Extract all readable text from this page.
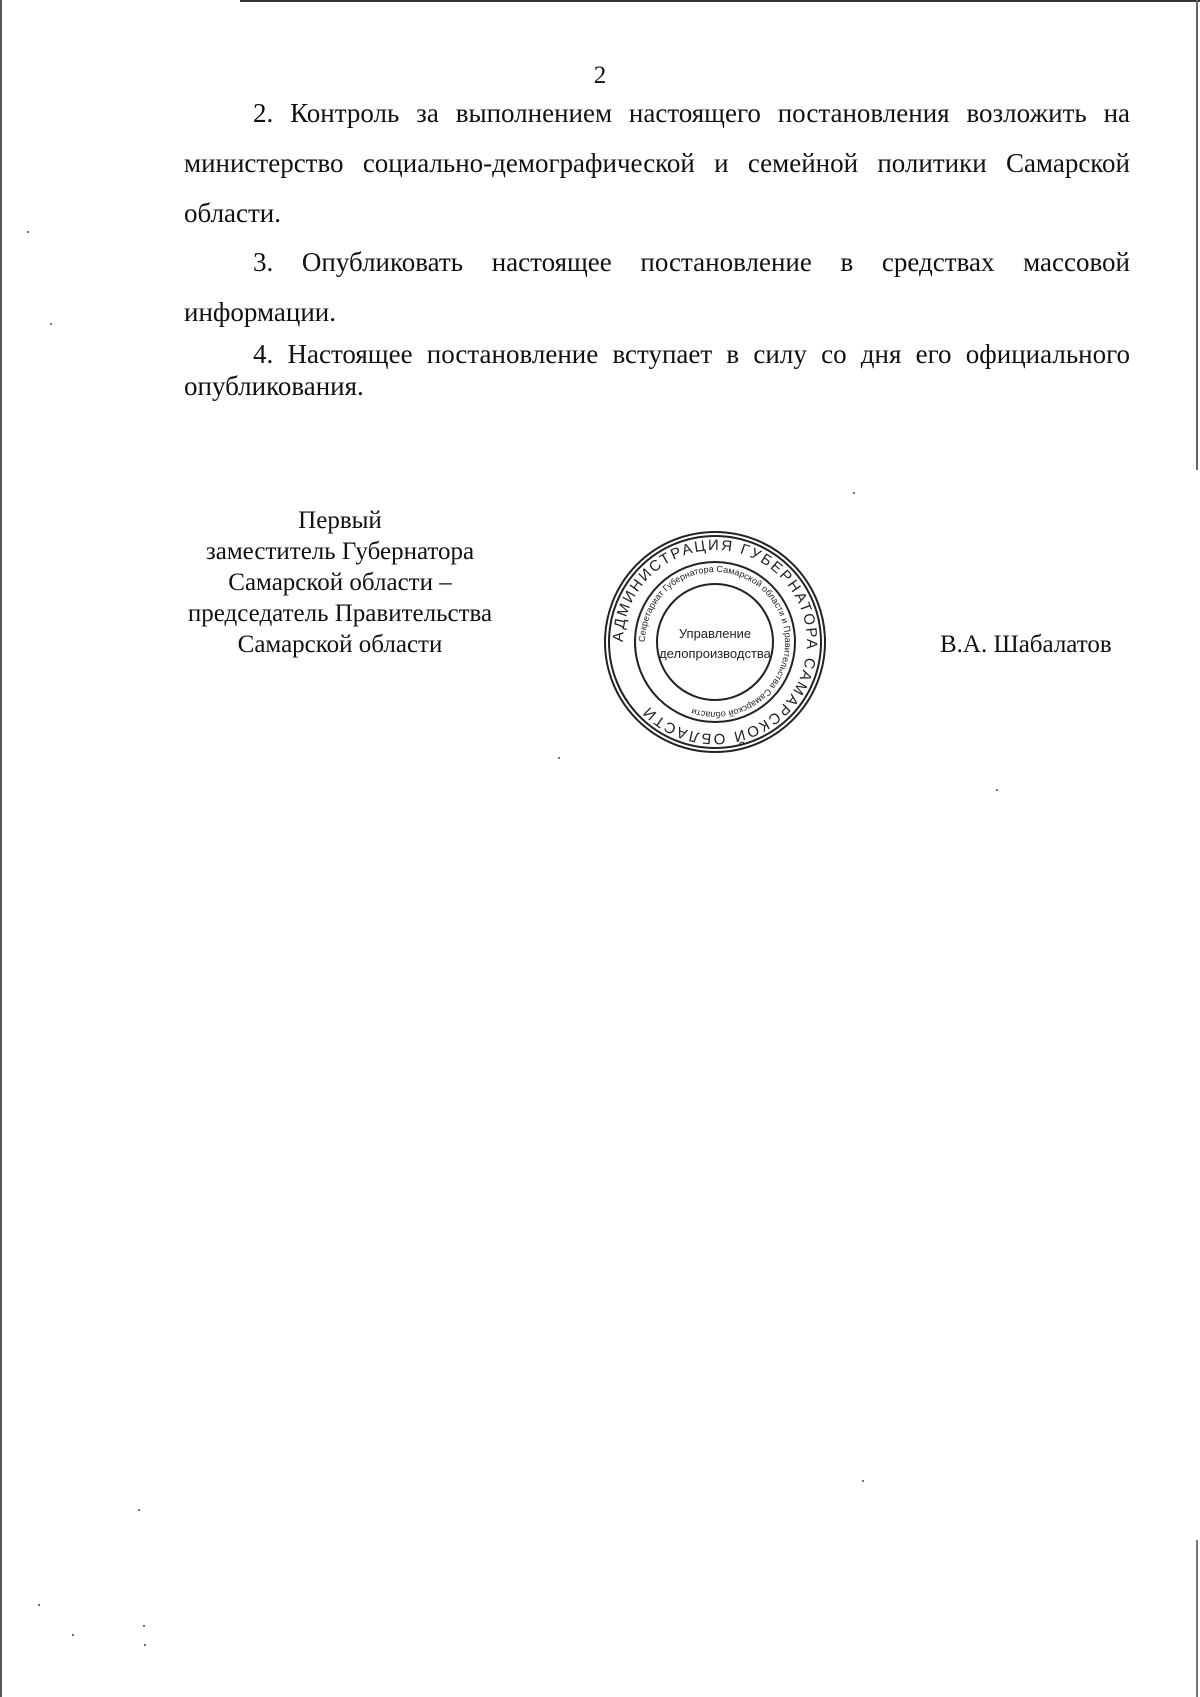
2

2. Контроль за выполнением настоящего постановления возложить на министерство социально-демографической и семейной политики Самарской области.

3. Опубликовать настоящее постановление в средствах массовой информации.

4. Настоящее постановление вступает в силу со дня его официального опубликования.

Первый
заместитель Губернатора
Самарской области –
председатель Правительства
Самарской области	АДМИНИСТРАЦИЯ ГУБЕРНАТОРА САМАРСКОЙ ОБЛАСТИ
Секретариат Губернатора Самарской области и Правительства Самарской области
Управление
делопроизводства	В.А. Шабалатов
